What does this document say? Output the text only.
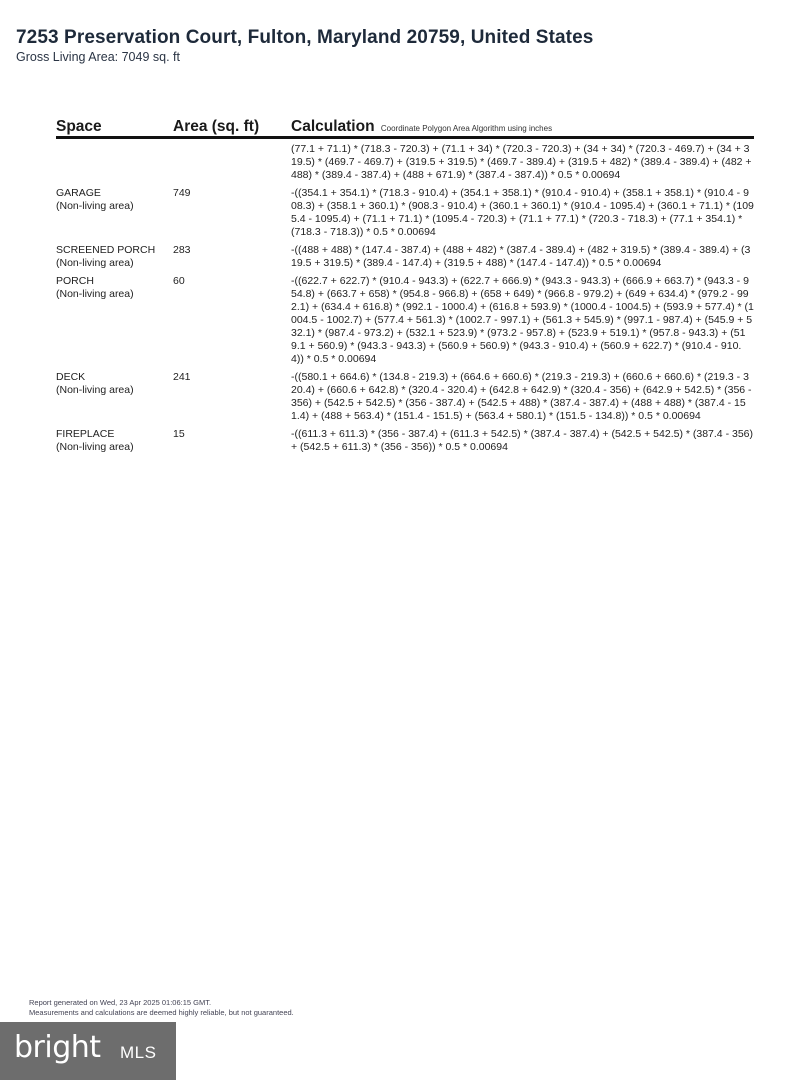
7253 Preservation Court, Fulton, Maryland 20759, United States
Gross Living Area: 7049 sq. ft
Space	Area (sq. ft)	Calculation Coordinate Polygon Area Algorithm using inches
(77.1 + 71.1) * (718.3 - 720.3) + (71.1 + 34) * (720.3 - 720.3) + (34 + 34) * (720.3 - 469.7) + (34 + 319.5) * (469.7 - 469.7) + (319.5 + 319.5) * (469.7 - 389.4) + (319.5 + 482) * (389.4 - 389.4) + (482 + 488) * (389.4 - 387.4) + (488 + 671.9) * (387.4 - 387.4)) * 0.5 * 0.00694
GARAGE
(Non-living area)
749	-((354.1 + 354.1) * (718.3 - 910.4) + (354.1 + 358.1) * (910.4 - 910.4) + (358.1 + 358.1) * (910.4 - 908.3) + (358.1 + 360.1) * (908.3 - 910.4) + (360.1 + 360.1) * (910.4 - 1095.4) + (360.1 + 71.1) * (1095.4 - 1095.4) + (71.1 + 71.1) * (1095.4 - 720.3) + (71.1 + 77.1) * (720.3 - 718.3) + (77.1 + 354.1) * (718.3 - 718.3)) * 0.5 * 0.00694
SCREENED PORCH
(Non-living area)
283	-((488 + 488) * (147.4 - 387.4) + (488 + 482) * (387.4 - 389.4) + (482 + 319.5) * (389.4 - 389.4) + (319.5 + 319.5) * (389.4 - 147.4) + (319.5 + 488) * (147.4 - 147.4)) * 0.5 * 0.00694
PORCH
(Non-living area)
60	-((622.7 + 622.7) * (910.4 - 943.3) + (622.7 + 666.9) * (943.3 - 943.3) + (666.9 + 663.7) * (943.3 - 954.8) + (663.7 + 658) * (954.8 - 966.8) + (658 + 649) * (966.8 - 979.2) + (649 + 634.4) * (979.2 - 992.1) + (634.4 + 616.8) * (992.1 - 1000.4) + (616.8 + 593.9) * (1000.4 - 1004.5) + (593.9 + 577.4) * (1004.5 - 1002.7) + (577.4 + 561.3) * (1002.7 - 997.1) + (561.3 + 545.9) * (997.1 - 987.4) + (545.9 + 532.1) * (987.4 - 973.2) + (532.1 + 523.9) * (973.2 - 957.8) + (523.9 + 519.1) * (957.8 - 943.3) + (519.1 + 560.9) * (943.3 - 943.3) + (560.9 + 560.9) * (943.3 - 910.4) + (560.9 + 622.7) * (910.4 - 910.4)) * 0.5 * 0.00694
DECK
(Non-living area)
241	-((580.1 + 664.6) * (134.8 - 219.3) + (664.6 + 660.6) * (219.3 - 219.3) + (660.6 + 660.6) * (219.3 - 320.4) + (660.6 + 642.8) * (320.4 - 320.4) + (642.8 + 642.9) * (320.4 - 356) + (642.9 + 542.5) * (356 - 356) + (542.5 + 542.5) * (356 - 387.4) + (542.5 + 488) * (387.4 - 387.4) + (488 + 488) * (387.4 - 151.4) + (488 + 563.4) * (151.4 - 151.5) + (563.4 + 580.1) * (151.5 - 134.8)) * 0.5 * 0.00694
FIREPLACE
(Non-living area)
15	-((611.3 + 611.3) * (356 - 387.4) + (611.3 + 542.5) * (387.4 - 387.4) + (542.5 + 542.5) * (387.4 - 356) + (542.5 + 611.3) * (356 - 356)) * 0.5 * 0.00694
Report generated on Wed, 23 Apr 2025 01:06:15 GMT.
Measurements and calculations are deemed highly reliable, but not guaranteed.
bright MLS
